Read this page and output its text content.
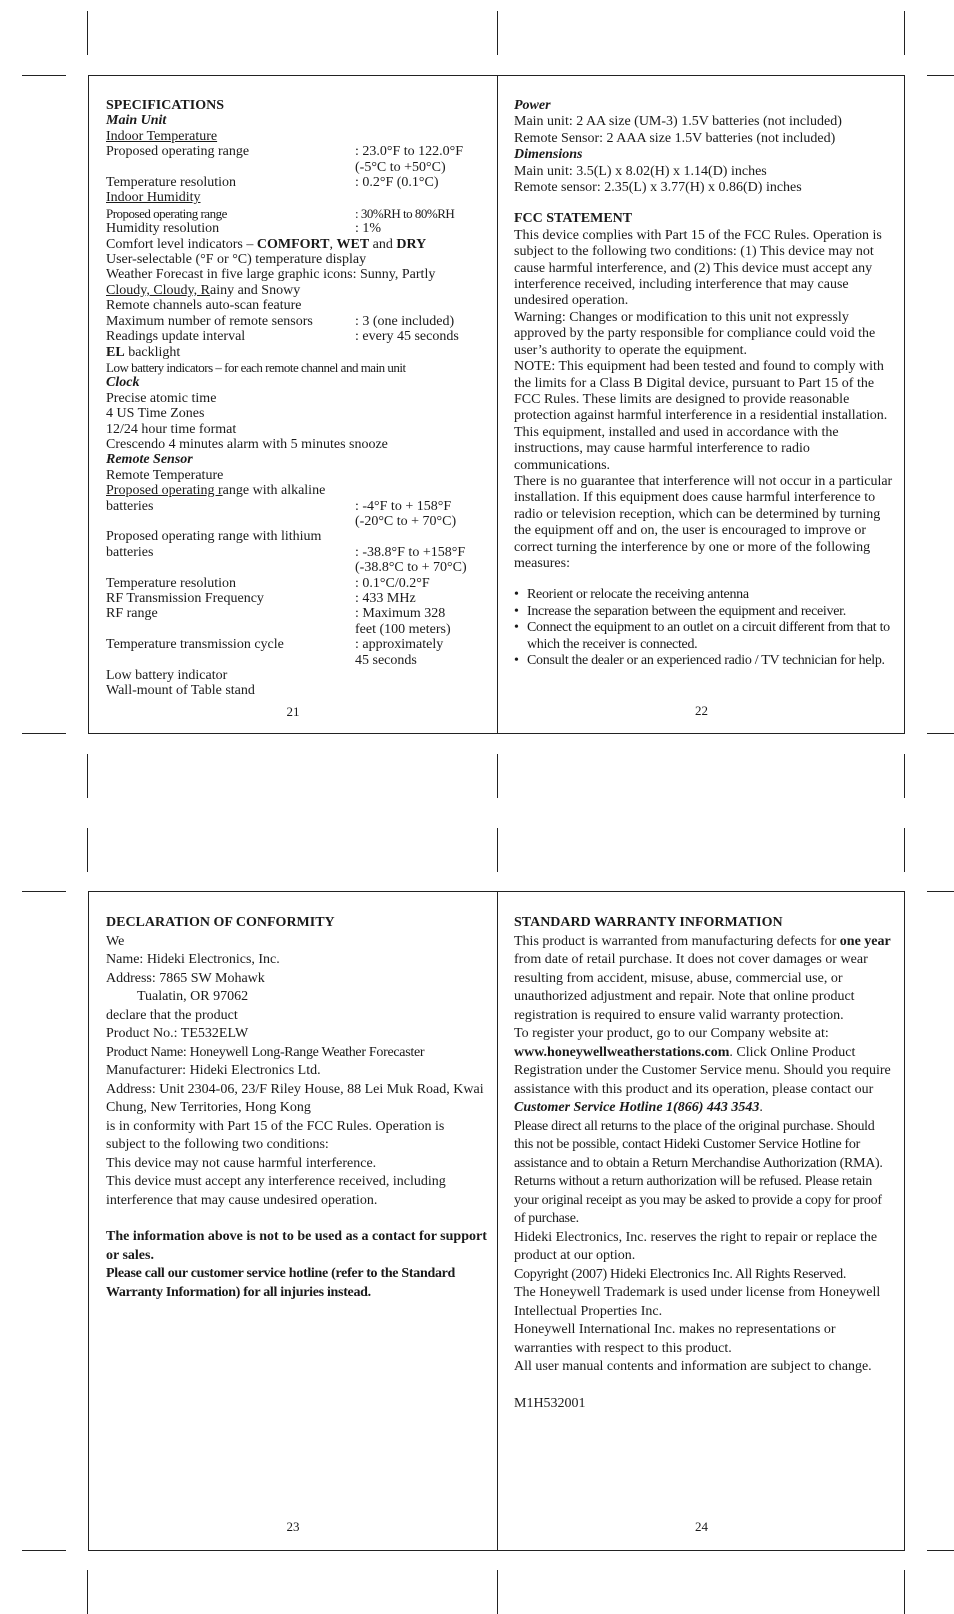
SPECIFICATIONS
Main Unit
Indoor Temperature
Proposed operating range	: 23.0°F to 122.0°F
(-5°C to +50°C)
Temperature resolution	: 0.2°F (0.1°C)
Indoor Humidity
Proposed operating range	: 30%RH to 80%RH
Humidity resolution	: 1%
Comfort level indicators – COMFORT, WET and DRY
User-selectable (°F or °C) temperature display
Weather Forecast in five large graphic icons: Sunny, Partly
Cloudy, Cloudy, Rainy and Snowy
Remote channels auto-scan feature
Maximum number of remote sensors	: 3 (one included)
Readings update interval	: every 45 seconds
EL backlight
Low battery indicators – for each remote channel and main unit
Clock
Precise atomic time
4 US Time Zones
12/24 hour time format
Crescendo 4 minutes alarm with 5 minutes snooze
Remote Sensor
Remote Temperature
Proposed operating range with alkaline
batteries	: -4°F to + 158°F
(-20°C to + 70°C)
Proposed operating range with lithium
batteries	: -38.8°F to +158°F
(-38.8°C to + 70°C)
Temperature resolution	: 0.1°C/0.2°F
RF Transmission Frequency	: 433 MHz
RF range	: Maximum 328
feet (100 meters)
Temperature transmission cycle	: approximately
45 seconds
Low battery indicator
Wall-mount of Table stand
21
Power
Main unit: 2 AA size (UM-3) 1.5V batteries (not included)
Remote Sensor: 2 AAA size 1.5V batteries (not included)
Dimensions
Main unit: 3.5(L) x 8.02(H) x 1.14(D) inches
Remote sensor: 2.35(L) x 3.77(H) x 0.86(D) inches
FCC STATEMENT
This device complies with Part 15 of the FCC Rules. Operation is subject to the following two conditions: (1) This device may not cause harmful interference, and (2) This device must accept any interference received, including interference that may cause undesired operation.
Warning: Changes or modification to this unit not expressly approved by the party responsible for compliance could void the user’s authority to operate the equipment.
NOTE: This equipment had been tested and found to comply with the limits for a Class B Digital device, pursuant to Part 15 of the FCC Rules. These limits are designed to provide reasonable protection against harmful interference in a residential installation. This equipment, installed and used in accordance with the instructions, may cause harmful interference to radio communications.
There is no guarantee that interference will not occur in a particular installation. If this equipment does cause harmful interference to radio or television reception, which can be determined by turning the equipment off and on, the user is encouraged to improve or correct turning the interference by one or more of the following measures:
• Reorient or relocate the receiving antenna
• Increase the separation between the equipment and receiver.
• Connect the equipment to an outlet on a circuit different from that to which the receiver is connected.
• Consult the dealer or an experienced radio / TV technician for help.
22
DECLARATION OF CONFORMITY
We
Name: Hideki Electronics, Inc.
Address: 7865 SW Mohawk
Tualatin, OR 97062
declare that the product
Product No.: TE532ELW
Product Name: Honeywell Long-Range Weather Forecaster
Manufacturer: Hideki Electronics Ltd.
Address: Unit 2304-06, 23/F Riley House, 88 Lei Muk Road, Kwai Chung, New Territories, Hong Kong
is in conformity with Part 15 of the FCC Rules. Operation is subject to the following two conditions:
This device may not cause harmful interference.
This device must accept any interference received, including interference that may cause undesired operation.
The information above is not to be used as a contact for support or sales.
Please call our customer service hotline (refer to the Standard Warranty Information) for all injuries instead.
23
STANDARD WARRANTY INFORMATION
This product is warranted from manufacturing defects for one year from date of retail purchase. It does not cover damages or wear resulting from accident, misuse, abuse, commercial use, or unauthorized adjustment and repair. Note that online product registration is required to ensure valid warranty protection.
To register your product, go to our Company website at: www.honeywellweatherstations.com. Click Online Product Registration under the Customer Service menu. Should you require assistance with this product and its operation, please contact our Customer Service Hotline 1(866) 443 3543.
Please direct all returns to the place of the original purchase. Should this not be possible, contact Hideki Customer Service Hotline for assistance and to obtain a Return Merchandise Authorization (RMA). Returns without a return authorization will be refused. Please retain your original receipt as you may be asked to provide a copy for proof of purchase.
Hideki Electronics, Inc. reserves the right to repair or replace the product at our option.
Copyright (2007) Hideki Electronics Inc. All Rights Reserved.
The Honeywell Trademark is used under license from Honeywell Intellectual Properties Inc.
Honeywell International Inc. makes no representations or warranties with respect to this product.
All user manual contents and information are subject to change.
M1H532001
24
